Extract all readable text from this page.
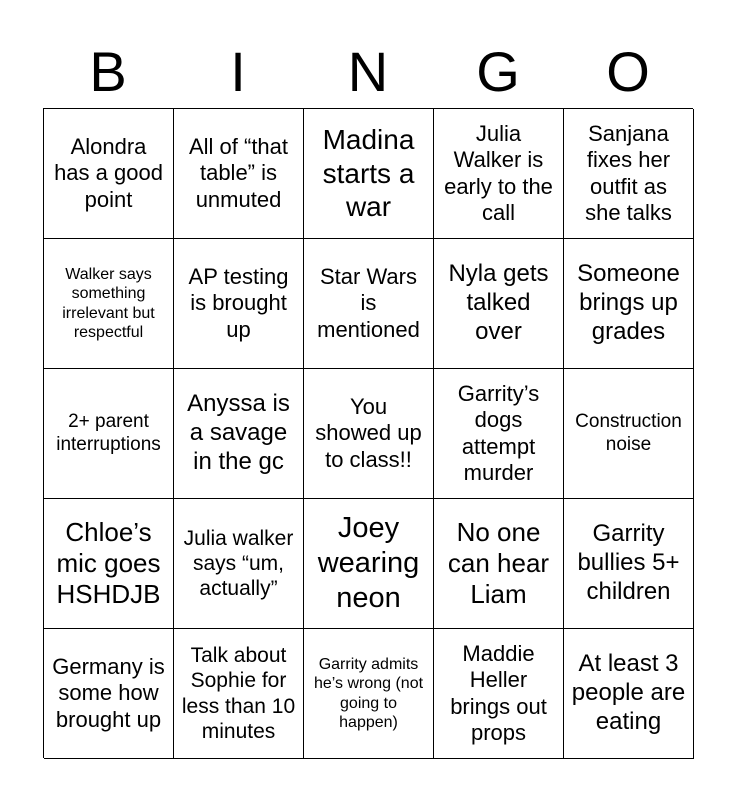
B	I	N	G	O
Alondra has a good point
All of “that table” is unmuted
Madina starts a war
Julia Walker is early to the call
Sanjana fixes her outfit as she talks
Walker says something irrelevant but respectful
AP testing is brought up
Star Wars is mentioned
Nyla gets talked over
Someone brings up grades
2+ parent interruptions
Anyssa is a savage in the gc
You showed up to class!!
Garrity’s dogs attempt murder
Construction noise
Chloe’s mic goes HSHDJB
Julia walker says “um, actually”
Joey wearing neon
No one can hear Liam
Garrity bullies 5+ children
Germany is some how brought up
Talk about Sophie for less than 10 minutes
Garrity admits he’s wrong (not going to happen)
Maddie Heller brings out props
At least 3 people are eating
